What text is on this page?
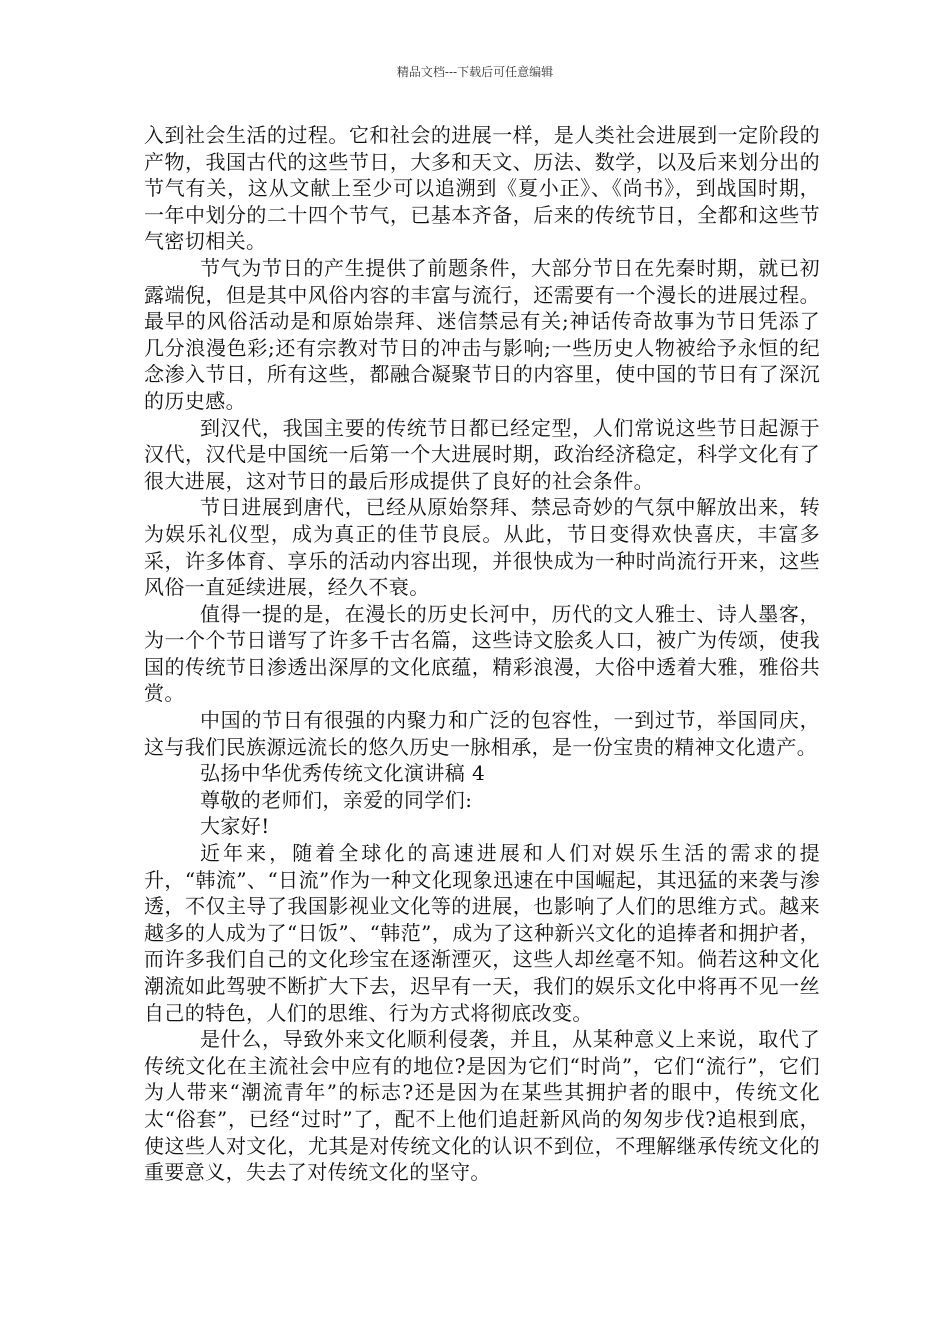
精品文档---下载后可任意编辑

入到社会生活的过程。它和社会的进展一样，是人类社会进展到一定阶段的产物，我国古代的这些节日，大多和天文、历法、数学，以及后来划分出的节气有关，这从文献上至少可以追溯到《夏小正》、《尚书》，到战国时期，一年中划分的二十四个节气，已基本齐备，后来的传统节日，全都和这些节气密切相关。

节气为节日的产生提供了前题条件，大部分节日在先秦时期，就已初露端倪，但是其中风俗内容的丰富与流行，还需要有一个漫长的进展过程。最早的风俗活动是和原始崇拜、迷信禁忌有关;神话传奇故事为节日凭添了几分浪漫色彩;还有宗教对节日的冲击与影响;一些历史人物被给予永恒的纪念渗入节日，所有这些，都融合凝聚节日的内容里，使中国的节日有了深沉的历史感。

到汉代，我国主要的传统节日都已经定型，人们常说这些节日起源于汉代，汉代是中国统一后第一个大进展时期，政治经济稳定，科学文化有了很大进展，这对节日的最后形成提供了良好的社会条件。

节日进展到唐代，已经从原始祭拜、禁忌奇妙的气氛中解放出来，转为娱乐礼仪型，成为真正的佳节良辰。从此，节日变得欢快喜庆，丰富多采，许多体育、享乐的活动内容出现，并很快成为一种时尚流行开来，这些风俗一直延续进展，经久不衰。

值得一提的是，在漫长的历史长河中，历代的文人雅士、诗人墨客，为一个个节日谱写了许多千古名篇，这些诗文脍炙人口，被广为传颂，使我国的传统节日渗透出深厚的文化底蕴，精彩浪漫，大俗中透着大雅，雅俗共赏。

中国的节日有很强的内聚力和广泛的包容性，一到过节，举国同庆，这与我们民族源远流长的悠久历史一脉相承，是一份宝贵的精神文化遗产。

弘扬中华优秀传统文化演讲稿 4

尊敬的老师们，亲爱的同学们:

大家好!

近年来，随着全球化的高速进展和人们对娱乐生活的需求的提升，“韩流”、“日流”作为一种文化现象迅速在中国崛起，其迅猛的来袭与渗透，不仅主导了我国影视业文化等的进展，也影响了人们的思维方式。越来越多的人成为了“日饭”、“韩范”，成为了这种新兴文化的追捧者和拥护者，而许多我们自己的文化珍宝在逐渐湮灭，这些人却丝毫不知。倘若这种文化潮流如此驾驶不断扩大下去，迟早有一天，我们的娱乐文化中将再不见一丝自己的特色，人们的思维、行为方式将彻底改变。

是什么，导致外来文化顺利侵袭，并且，从某种意义上来说，取代了传统文化在主流社会中应有的地位?是因为它们“时尚”，它们“流行”，它们为人带来“潮流青年”的标志?还是因为在某些其拥护者的眼中，传统文化太“俗套”，已经“过时”了，配不上他们追赶新风尚的匆匆步伐?追根到底，使这些人对文化，尤其是对传统文化的认识不到位，不理解继承传统文化的重要意义，失去了对传统文化的坚守。
